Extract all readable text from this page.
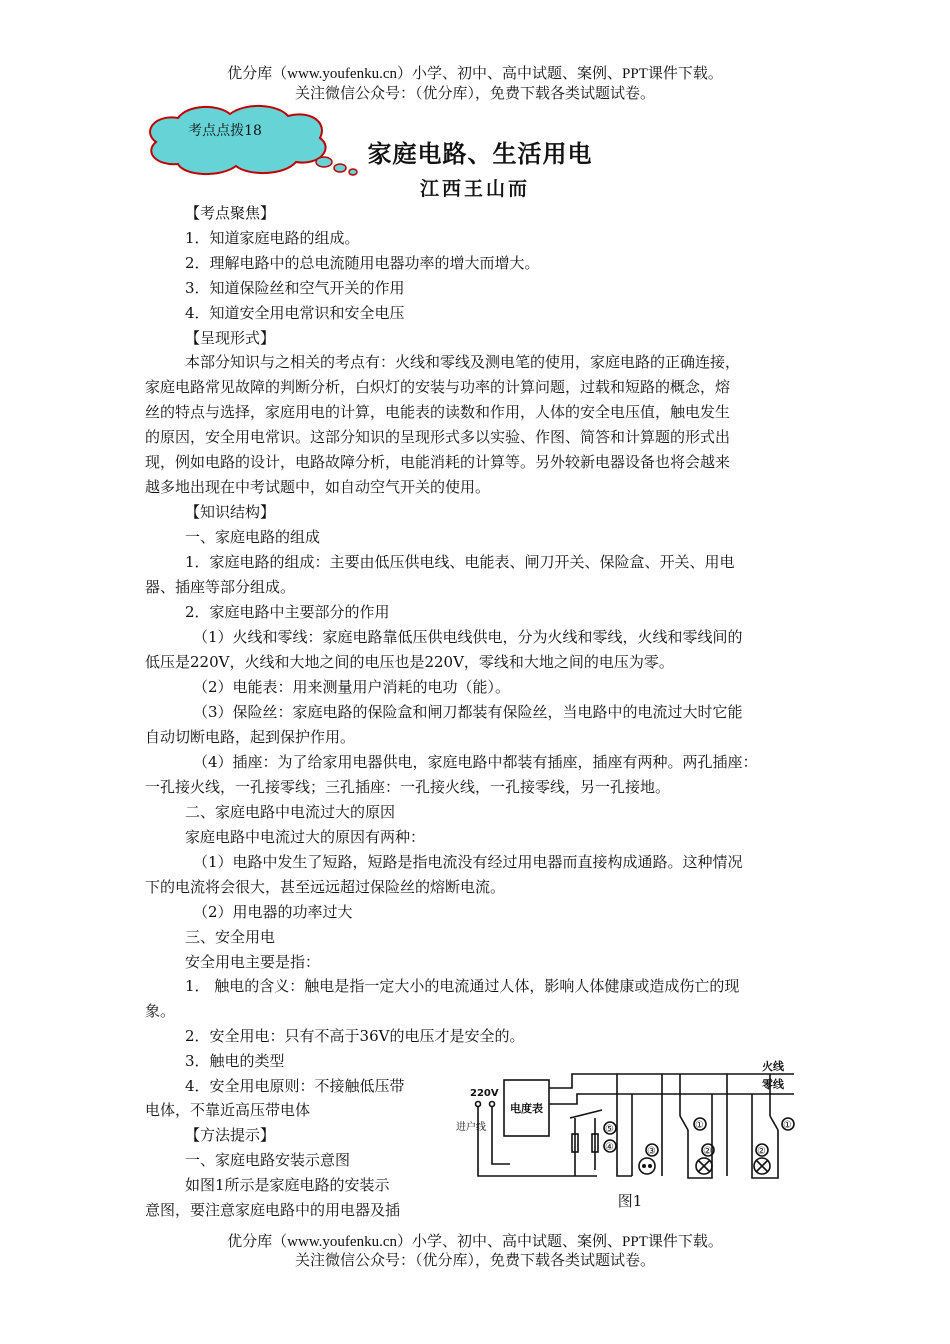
优分库（www.youfenku.cn）小学、初中、高中试题、案例、PPT课件下载。
关注微信公众号：（优分库），免费下载各类试题试卷。
考点点拨18
家庭电路、生活用电
江西王山而
【考点聚焦】
1．知道家庭电路的组成。
2．理解电路中的总电流随用电器功率的增大而增大。
3．知道保险丝和空气开关的作用
4．知道安全用电常识和安全电压
【呈现形式】
本部分知识与之相关的考点有：火线和零线及测电笔的使用，家庭电路的正确连接，
家庭电路常见故障的判断分析，白炽灯的安装与功率的计算问题，过载和短路的概念，熔
丝的特点与选择，家庭用电的计算，电能表的读数和作用，人体的安全电压值，触电发生
的原因，安全用电常识。这部分知识的呈现形式多以实验、作图、简答和计算题的形式出
现，例如电路的设计，电路故障分析，电能消耗的计算等。另外较新电器设备也将会越来
越多地出现在中考试题中，如自动空气开关的使用。
【知识结构】
一、家庭电路的组成
1．家庭电路的组成：主要由低压供电线、电能表、闸刀开关、保险盒、开关、用电
器、插座等部分组成。
2．家庭电路中主要部分的作用
（1）火线和零线：家庭电路靠低压供电线供电，分为火线和零线，火线和零线间的
低压是220V，火线和大地之间的电压也是220V，零线和大地之间的电压为零。
（2）电能表：用来测量用户消耗的电功（能）。
（3）保险丝：家庭电路的保险盒和闸刀都装有保险丝，当电路中的电流过大时它能
自动切断电路，起到保护作用。
（4）插座：为了给家用电器供电，家庭电路中都装有插座，插座有两种。两孔插座：
一孔接火线，一孔接零线；三孔插座：一孔接火线，一孔接零线，另一孔接地。
二、家庭电路中电流过大的原因
家庭电路中电流过大的原因有两种：
（1）电路中发生了短路，短路是指电流没有经过用电器而直接构成通路。这种情况
下的电流将会很大，甚至远远超过保险丝的熔断电流。
（2）用电器的功率过大
三、安全用电
安全用电主要是指：
1． 触电的含义：触电是指一定大小的电流通过人体，影响人体健康或造成伤亡的现
象。
2．安全用电：只有不高于36V的电压才是安全的。
3．触电的类型
4．安全用电原则：不接触低压带
电体，不靠近高压带电体
【方法提示】
一、家庭电路安装示意图
如图1所示是家庭电路的安装示
意图，要注意家庭电路中的用电器及插
火线
零线
220V
进户线
电度表
⑤
④	③
①
②
①
②
图1
优分库（www.youfenku.cn）小学、初中、高中试题、案例、PPT课件下载。
关注微信公众号：（优分库），免费下载各类试题试卷。
